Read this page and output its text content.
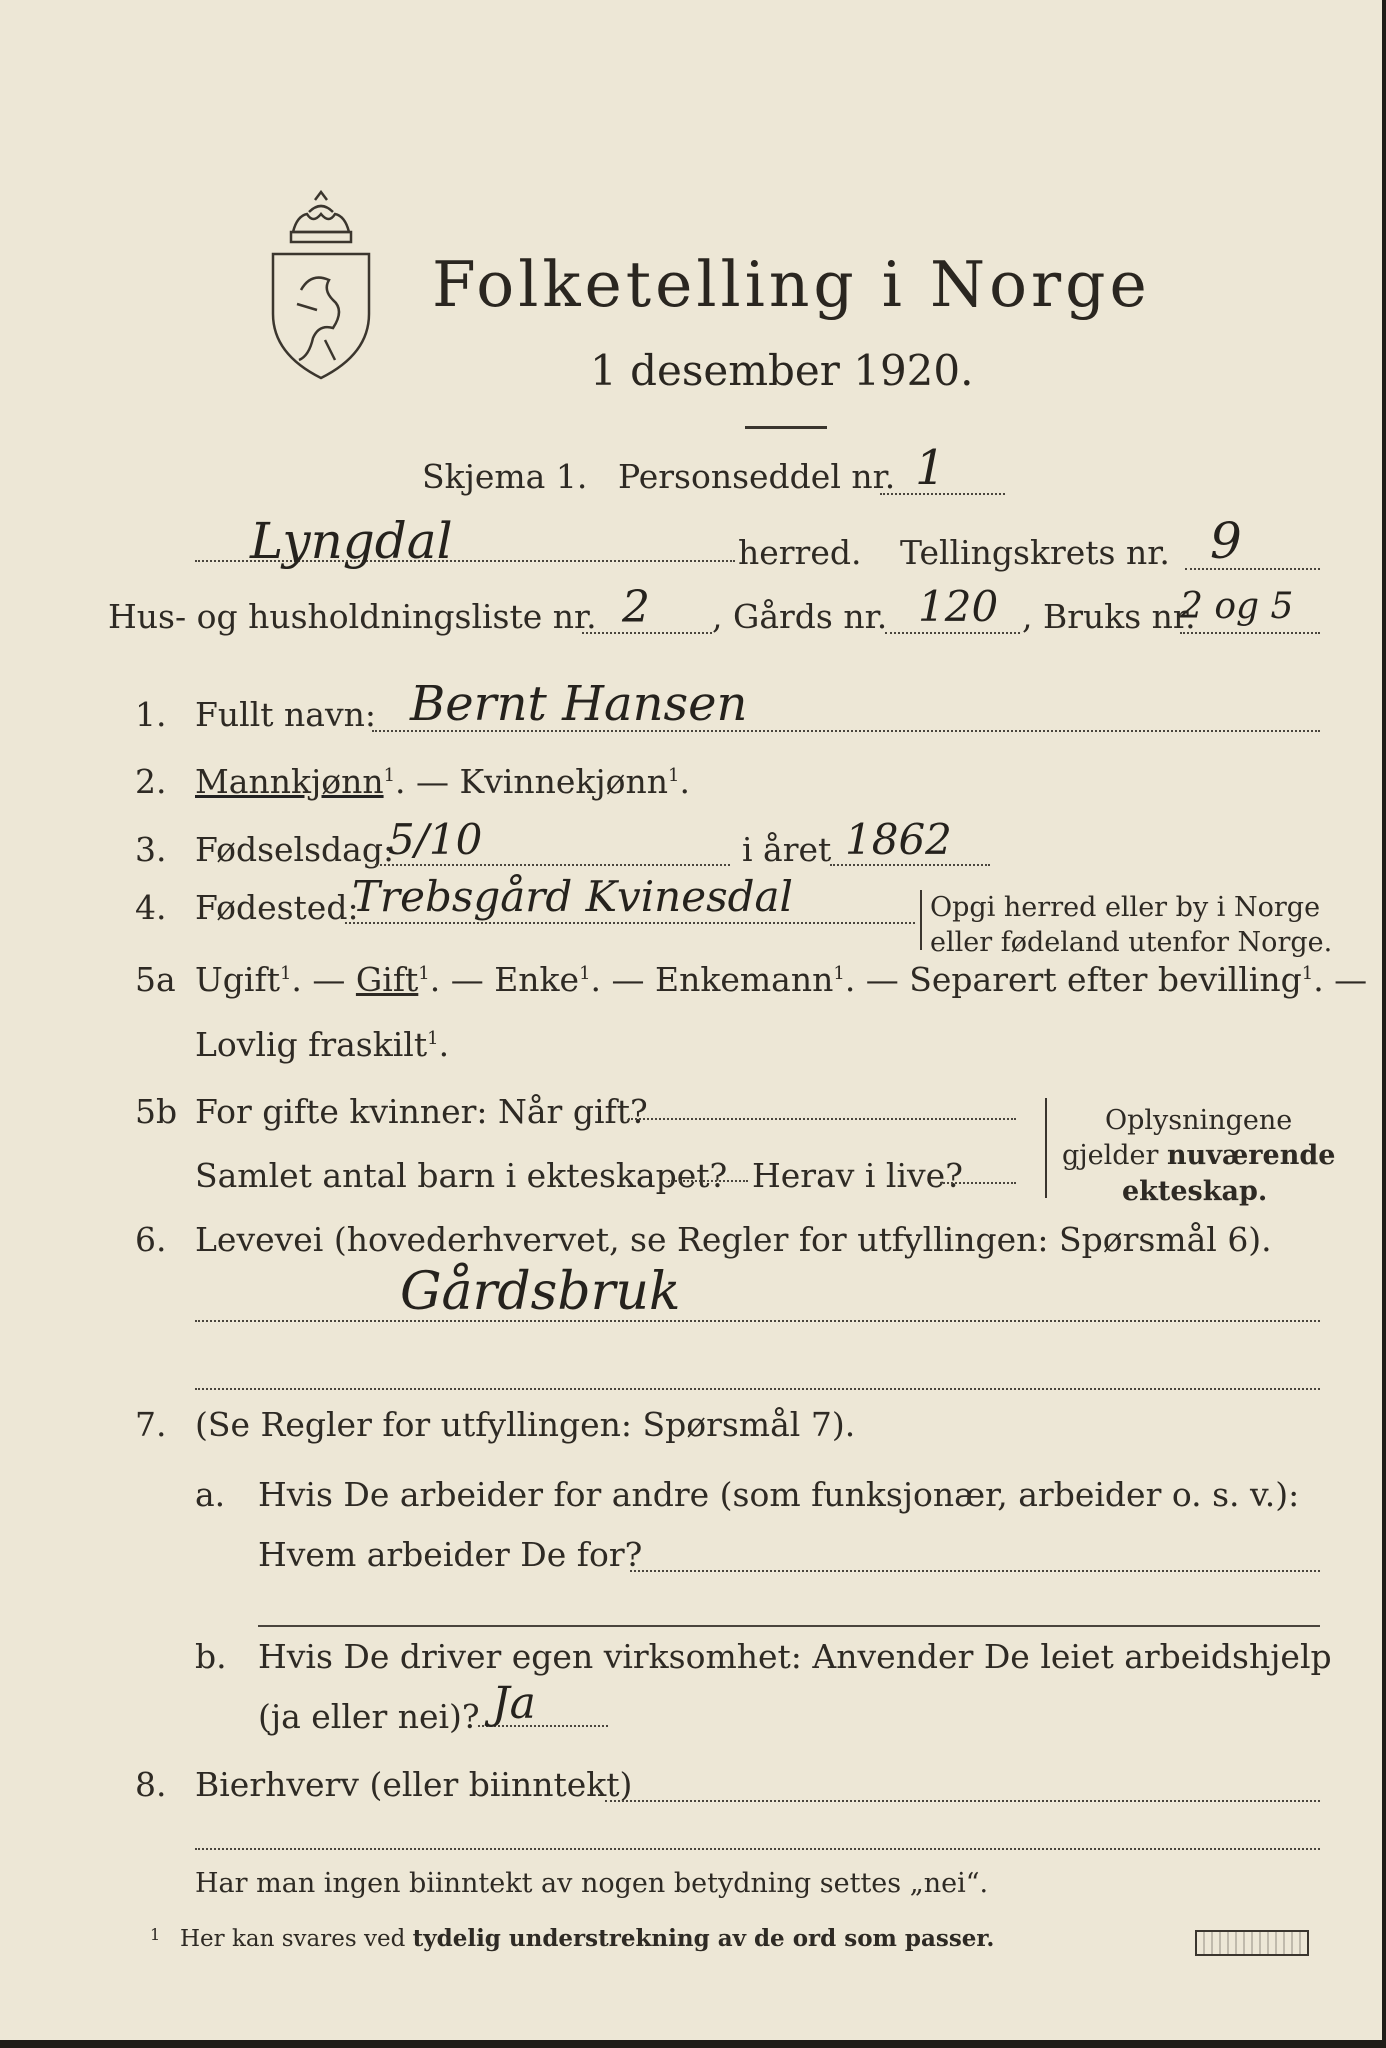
Folketelling i Norge
1 desember 1920.
Skjema 1. Personseddel nr. 1
Lyngdal	herred. Tellingskrets nr. 9
Hus- og husholdningsliste nr. 2 , Gårds nr. 120 , Bruks nr.
2 og 5
1. Fullt navn: Bernt Hansen
2. Mannkjønn$^1$. — Kvinnekjønn$^1$.
3. Fødselsdag:
5/10	i året 1862
4. Fødested:
Trebsgård Kvinesdal	Opgi herred eller by i Norge
eller fødeland utenfor Norge.
5a Ugift$^1$. — Gift$^1$. — Enke$^1$. — Enkemann$^1$. — Separert efter bevilling$^1$. —
Lovlig fraskilt$^1$.
5b For gifte kvinner: Når gift?
Samlet antal barn i ekteskapet? Herav i live?
Oplysningene
gjelder nuværende
ekteskap.
6. Levevei (hovederhvervet, se Regler for utfyllingen: Spørsmål 6).
Gårdsbruk
7. (Se Regler for utfyllingen: Spørsmål 7).
a. Hvis De arbeider for andre (som funksjonær, arbeider o. s. v.):
Hvem arbeider De for?
b. Hvis De driver egen virksomhet: Anvender De leiet arbeidshjelp
(ja eller nei)? Ja
8. Bierhverv (eller biinntekt)
Har man ingen biinntekt av nogen betydning settes „nei“.
1 Her kan svares ved tydelig understrekning av de ord som passer.
